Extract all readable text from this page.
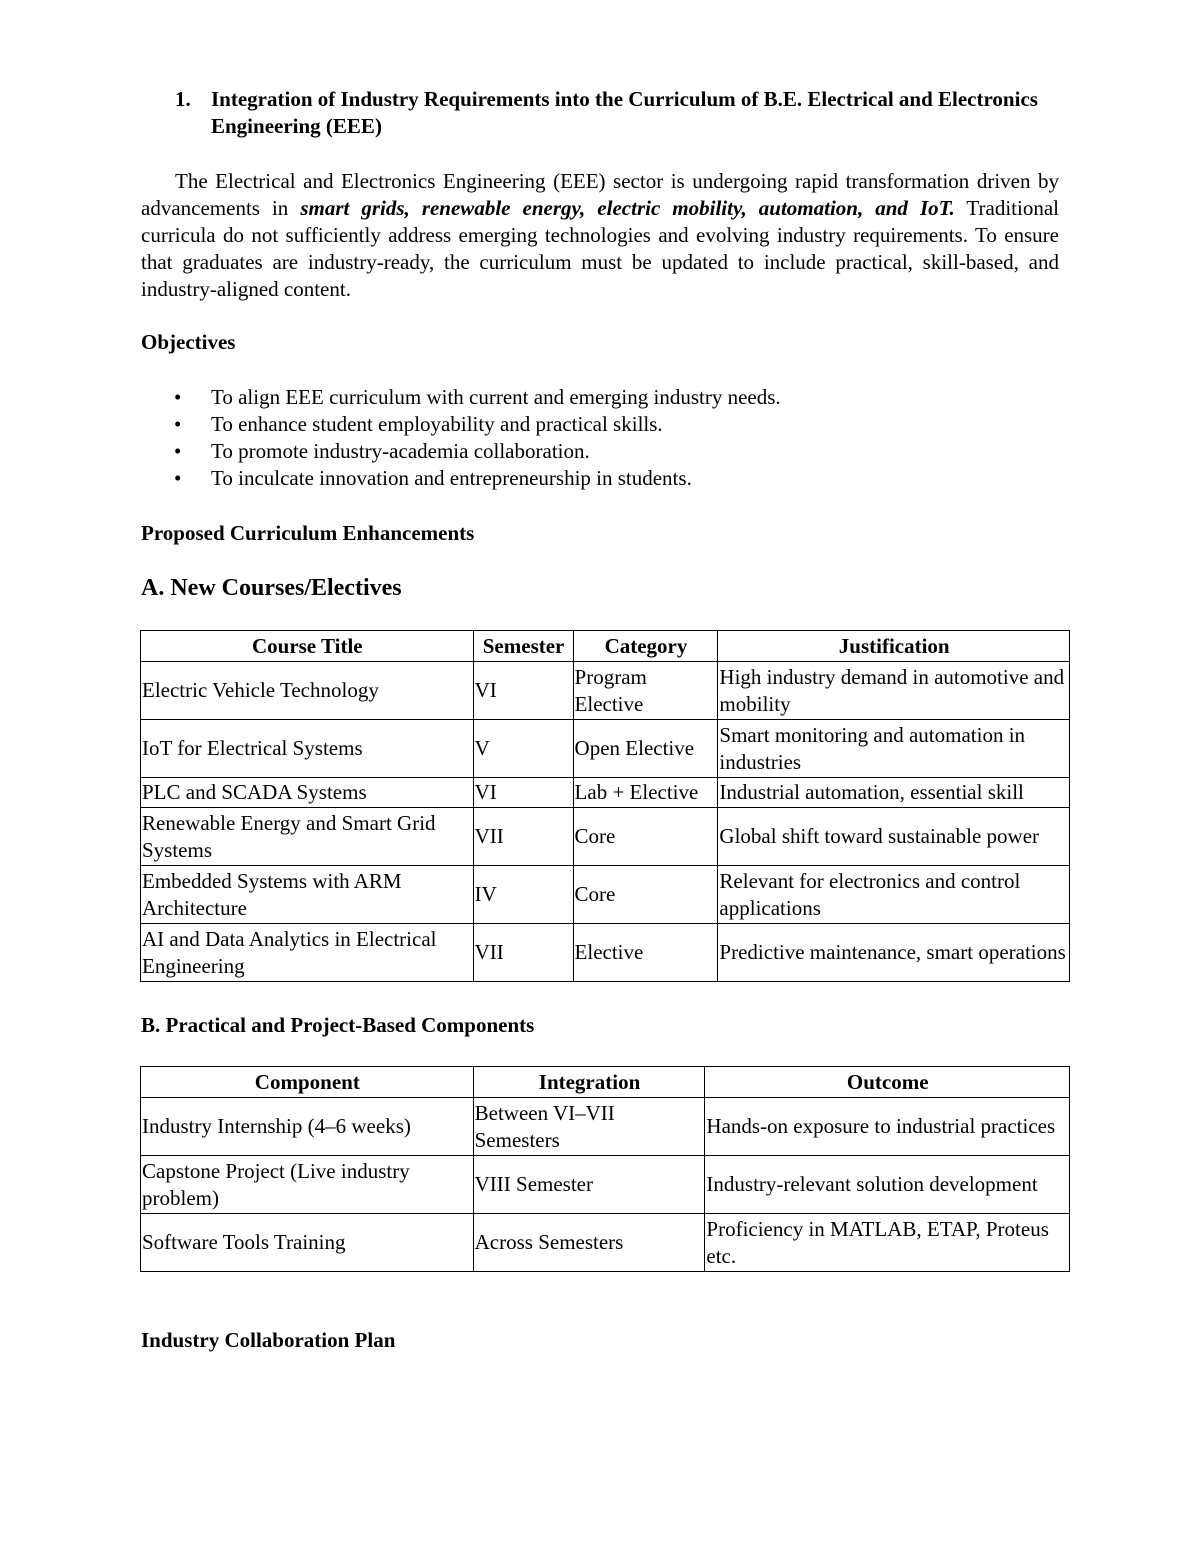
1. Integration of Industry Requirements into the Curriculum of B.E. Electrical and Electronics Engineering (EEE)

The Electrical and Electronics Engineering (EEE) sector is undergoing rapid transformation driven by advancements in smart grids, renewable energy, electric mobility, automation, and IoT. Traditional curricula do not sufficiently address emerging technologies and evolving industry requirements. To ensure that graduates are industry-ready, the curriculum must be updated to include practical, skill-based, and industry-aligned content.

Objectives
• To align EEE curriculum with current and emerging industry needs.
• To enhance student employability and practical skills.
• To promote industry-academia collaboration.
• To inculcate innovation and entrepreneurship in students.
Proposed Curriculum Enhancements
A. New Courses/Electives
Course Title	Semester	Category	Justification
Electric Vehicle Technology	VI	Program Elective	High industry demand in automotive and mobility
IoT for Electrical Systems	V	Open Elective	Smart monitoring and automation in industries
PLC and SCADA Systems	VI	Lab + Elective	Industrial automation, essential skill
Renewable Energy and Smart Grid Systems	VII	Core	Global shift toward sustainable power
Embedded Systems with ARM Architecture	IV	Core	Relevant for electronics and control applications
AI and Data Analytics in Electrical Engineering	VII	Elective	Predictive maintenance, smart operations
B. Practical and Project-Based Components
Component	Integration	Outcome
Industry Internship (4–6 weeks)	Between VI–VII Semesters	Hands-on exposure to industrial practices
Capstone Project (Live industry problem)	VIII Semester	Industry-relevant solution development
Software Tools Training	Across Semesters	Proficiency in MATLAB, ETAP, Proteus etc.
Industry Collaboration Plan
